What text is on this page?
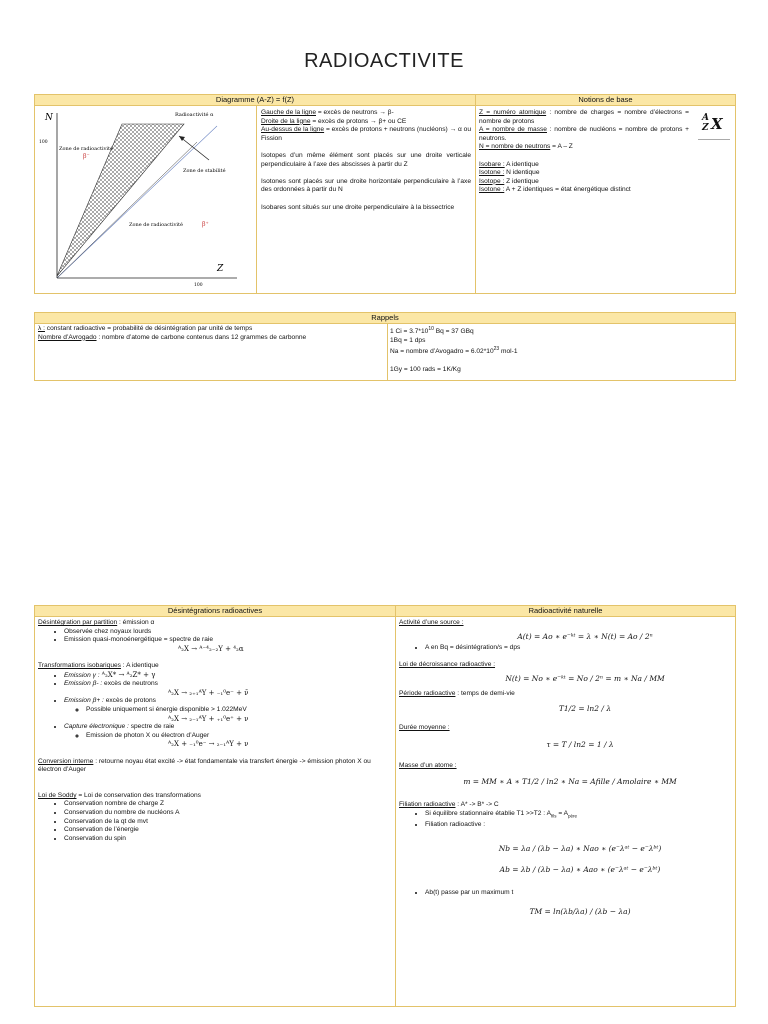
RADIOACTIVITE
Diagramme (A-Z) = f(Z)	Notions de base
N
Z
100
100
Radioactivité α
Zone de radioactivité
β⁻
Zone de stabilité
Zone de radioactivité	β⁺

Gauche de la ligne = excès de neutrons → β-

Droite de la ligne = excès de protons → β+ ou CE

Au-dessus de la ligne = excès de protons + neutrons (nucléons) → α ou Fission

Isotopes d’un même élément sont placés sur une droite verticale perpendiculaire à l’axe des abscisses à partir du Z

Isotones sont placés sur une droite horizontale perpendiculaire à l’axe des ordonnées à partir du N

Isobares sont situés sur une droite perpendiculaire à la bissectrice

Z = numéro atomique : nombre de charges = nombre d’électrons = nombre de protons

A = nombre de masse : nombre de nucléons = nombre de protons + neutrons.

N = nombre de neutrons = A – Z

Isobare : A identique

Isotone : N identique

Isotope : Z identique

Isotone : A + Z identiques = état énergétique distinct

A
Z X
Rappels

λ : constant radioactive = probabilité de désintégration par unité de temps

Nombre d’Avrogado : nombre d’atome de carbone contenus dans 12 grammes de carbonne

1 $Ci = 3.7*10^{10}$ Bq = 37 GBq

1Bq = 1 dps

Na = nombre d’Avogadro = $6.02*10^{23}$ mol-1

1Gy = 100 rads = 1K/Kg

Désintégrations radioactives	Radioactivité naturelle

Désintégration par partition : émission α

• Observée chez noyaux lourds
• Emission quasi-monoénergétique = spectre de raie

ᴬ₂X → ᴬ⁻⁴₂₋₂Y + ⁴₂α

Transformations isobariques : A identique

• Emission γ : ᴬ₂X* → ᴬ₂Z* + γ
• Emission β- : excès de neutrons

ᴬ₂X → ₂₊₁ᴬY + ₋₁⁰e⁻ + ν̄

• Emission β+ : excès de protons
◦ Possible uniquement si énergie disponible > 1.022MeV

ᴬ₂X → ₂₋₁ᴬY + ₊₁⁰e⁺ + ν

• Capture électronique : spectre de raie
◦ Emission de photon X ou électron d’Auger

ᴬ₂X + ₋₁⁰e⁻ → ₂₋₁ᴬY + ν

Conversion interne : retourne noyau état excité -> état fondamentale via transfert énergie -> émission photon X ou électron d’Auger

Loi de Soddy = Loi de conservation des transformations

• Conservation nombre de charge Z
• Conservation du nombre de nucléons A
• Conservation de la qt de mvt
• Conservation de l’énergie
• Conservation du spin

Activité d’une source :

A(t) = Ao ∗ e⁻ᵏᵗ = λ ∗ N(t) = Ao / 2ⁿ

• A en Bq = désintégration/s = dps

Loi de décroissance radioactive :

N(t) = No ∗ e⁻ᵏᵗ = No / 2ⁿ = m ∗ Na / MM

Période radioactive : temps de demi-vie

T1/2 = ln2 / λ

Durée moyenne :

τ = T / ln2 = 1 / λ

Masse d’un atome :

m = MM ∗ A ∗ T1/2 / ln2 ∗ Na = Afille / Amolaire ∗ MM

Filiation radioactive : A* -> B* -> C

• Si équilibre stationnaire établie T1 >>T2 : $A_{fils} = A_{père}$
• Filiation radioactive :

Nb = λa / (λb − λa) ∗ Nao ∗ (e⁻λᵃᵗ − e⁻λᵇᵗ)

Ab = λb / (λb − λa) ∗ Aao ∗ (e⁻λᵃᵗ − e⁻λᵇᵗ)

• Ab(t) passe par un maximum t

TM = ln(λb/λa) / (λb − λa)
